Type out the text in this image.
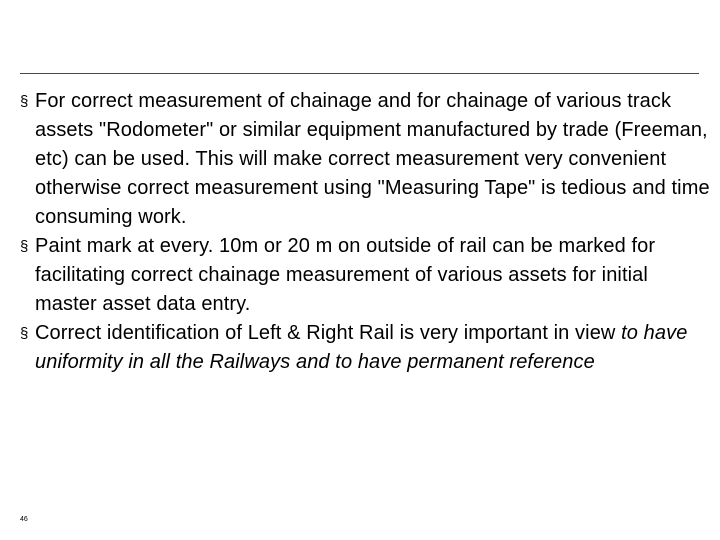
§ For correct measurement of chainage and for chainage of various track assets "Rodometer" or similar equipment manufactured by trade (Freeman, etc) can be used. This will make correct measurement very convenient otherwise correct measurement using "Measuring Tape" is tedious and time consuming work.
§ Paint mark at every. 10m or 20 m on outside of rail can be marked for facilitating correct chainage measurement of various assets for initial master asset data entry.
§ Correct identification of Left & Right Rail is very important in view to have uniformity in all the Railways and to have permanent reference
46
